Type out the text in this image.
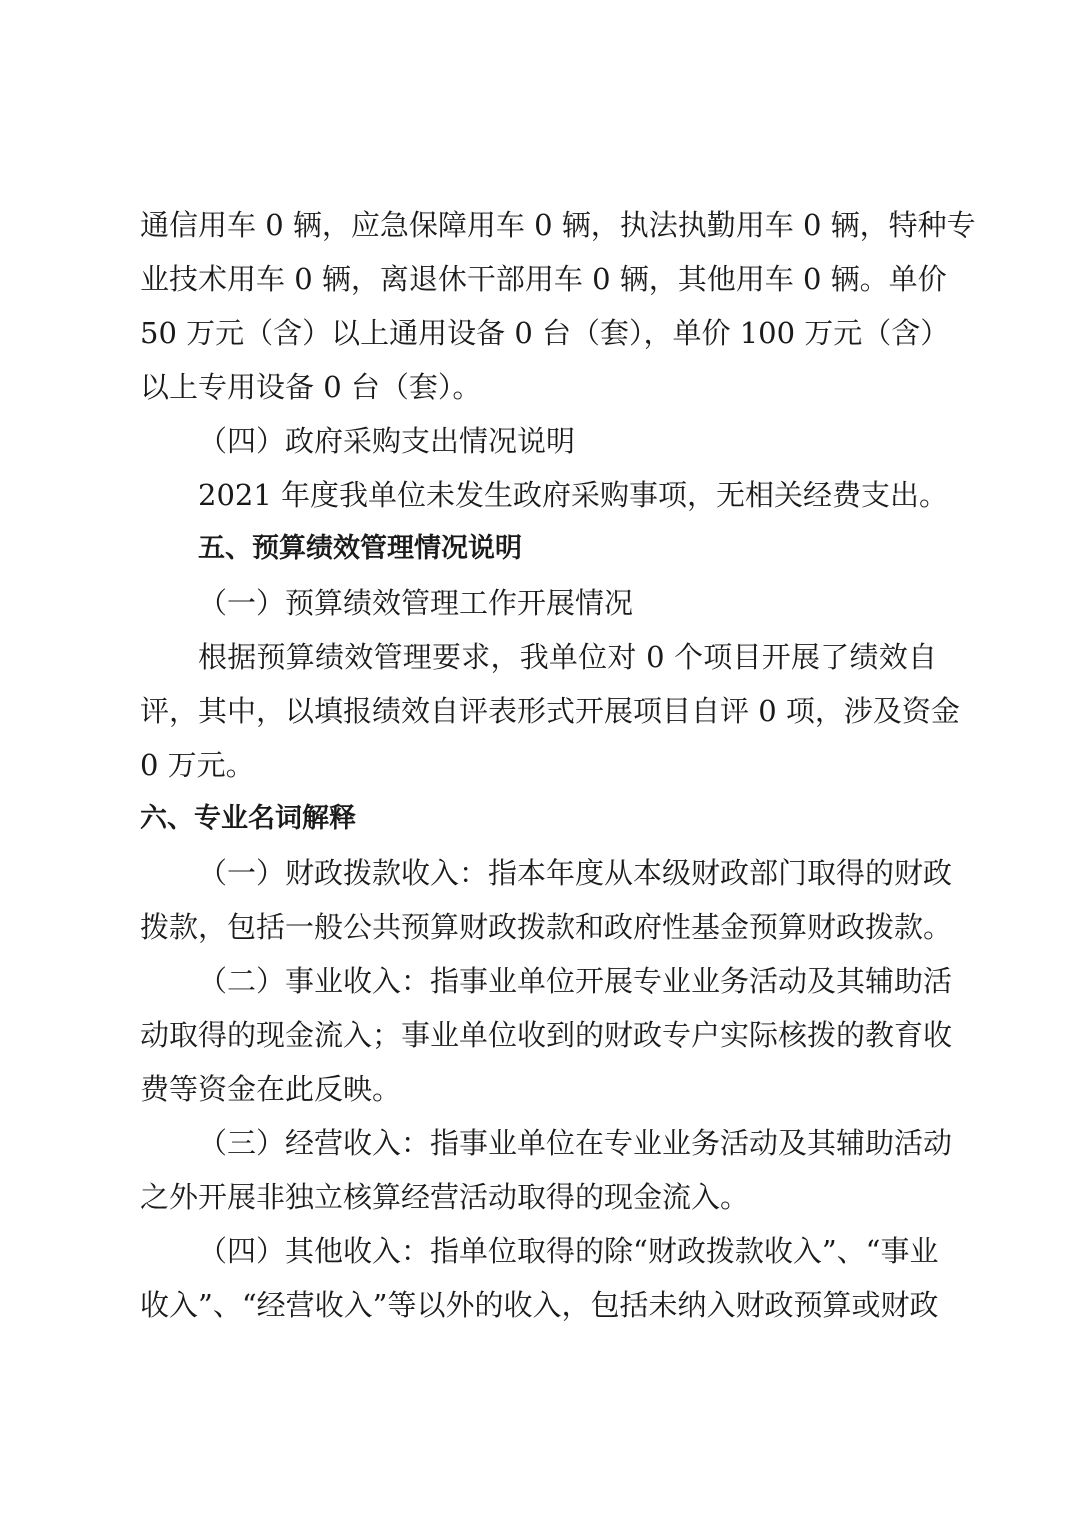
通信用车 0 辆，应急保障用车 0 辆，执法执勤用车 0 辆，特种专
业技术用车 0 辆，离退休干部用车 0 辆，其他用车 0 辆。单价
50 万元（含）以上通用设备 0 台（套），单价 100 万元（含）
以上专用设备 0 台（套）。
（四）政府采购支出情况说明
2021 年度我单位未发生政府采购事项，无相关经费支出。
五、预算绩效管理情况说明
（一）预算绩效管理工作开展情况
根据预算绩效管理要求，我单位对 0 个项目开展了绩效自
评，其中，以填报绩效自评表形式开展项目自评 0 项，涉及资金
0 万元。
六、专业名词解释
（一）财政拨款收入：指本年度从本级财政部门取得的财政
拨款，包括一般公共预算财政拨款和政府性基金预算财政拨款。
（二）事业收入：指事业单位开展专业业务活动及其辅助活
动取得的现金流入；事业单位收到的财政专户实际核拨的教育收
费等资金在此反映。
（三）经营收入：指事业单位在专业业务活动及其辅助活动
之外开展非独立核算经营活动取得的现金流入。
（四）其他收入：指单位取得的除“财政拨款收入”、“事业
收入”、“经营收入”等以外的收入，包括未纳入财政预算或财政
